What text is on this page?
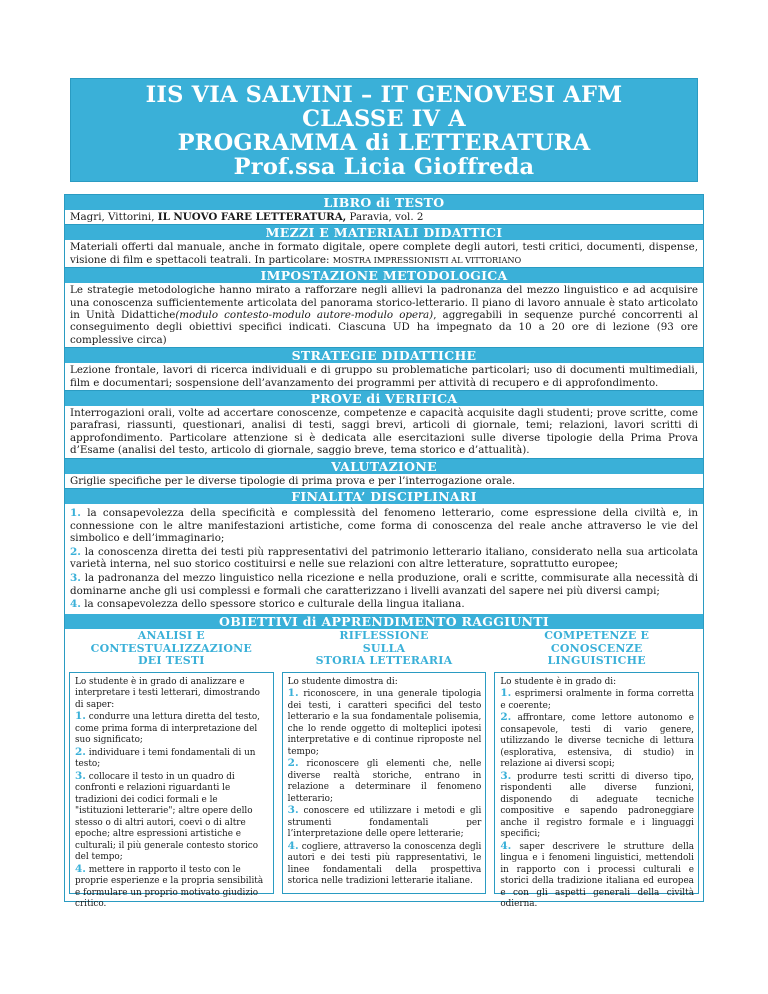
IIS VIA SALVINI – IT GENOVESI AFM
CLASSE IV A
PROGRAMMA di LETTERATURA
Prof.ssa Licia Gioffreda
LIBRO di TESTO
Magri, Vittorini, IL NUOVO FARE LETTERATURA, Paravia, vol. 2
MEZZI E MATERIALI DIDATTICI
Materiali offerti dal manuale, anche in formato digitale, opere complete degli autori, testi critici, documenti, dispense, visione di film e spettacoli teatrali. In particolare: MOSTRA IMPRESSIONISTI AL VITTORIANO
IMPOSTAZIONE METODOLOGICA
Le strategie metodologiche hanno mirato a rafforzare negli allievi la padronanza del mezzo linguistico e ad acquisire una conoscenza sufficientemente articolata del panorama storico-letterario. Il piano di lavoro annuale è stato articolato in Unità Didattiche(modulo contesto-modulo autore-modulo opera), aggregabili in sequenze purché concorrenti al conseguimento degli obiettivi specifici indicati. Ciascuna UD ha impegnato da 10 a 20 ore di lezione (93 ore complessive circa)
STRATEGIE DIDATTICHE
Lezione frontale, lavori di ricerca individuali e di gruppo su problematiche particolari; uso di documenti multimediali, film e documentari; sospensione dell’avanzamento dei programmi per attività di recupero e di approfondimento.
PROVE di VERIFICA
Interrogazioni orali, volte ad accertare conoscenze, competenze e capacità acquisite dagli studenti; prove scritte, come parafrasi, riassunti, questionari, analisi di testi, saggi brevi, articoli di giornale, temi; relazioni, lavori scritti di approfondimento. Particolare attenzione si è dedicata alle esercitazioni sulle diverse tipologie della Prima Prova d’Esame (analisi del testo, articolo di giornale, saggio breve, tema storico e d’attualità).
VALUTAZIONE
Griglie specifiche per le diverse tipologie di prima prova e per l’interrogazione orale.
FINALITA’ DISCIPLINARI

1. la consapevolezza della specificità e complessità del fenomeno letterario, come espressione della civiltà e, in connessione con le altre manifestazioni artistiche, come forma di conoscenza del reale anche attraverso le vie del simbolico e dell’immaginario;

2. la conoscenza diretta dei testi più rappresentativi del patrimonio letterario italiano, considerato nella sua articolata varietà interna, nel suo storico costituirsi e nelle sue relazioni con altre letterature, soprattutto europee;

3. la padronanza del mezzo linguistico nella ricezione e nella produzione, orali e scritte, commisurate alla necessità di dominarne anche gli usi complessi e formali che caratterizzano i livelli avanzati del sapere nei più diversi campi;

4. la consapevolezza dello spessore storico e culturale della lingua italiana.

OBIETTIVI di APPRENDIMENTO RAGGIUNTI
ANALISI E
CONTESTUALIZZAZIONE
DEI TESTI

Lo studente è in grado di analizzare e interpretare i testi letterari, dimostrando di saper:

1. condurre una lettura diretta del testo, come prima forma di interpretazione del suo significato;

2. individuare i temi fondamentali di un testo;

3. collocare il testo in un quadro di confronti e relazioni riguardanti le tradizioni dei codici formali e le "istituzioni letterarie"; altre opere dello stesso o di altri autori, coevi o di altre epoche; altre espressioni artistiche e culturali; il più generale contesto storico del tempo;

4. mettere in rapporto il testo con le proprie esperienze e la propria sensibilità e formulare un proprio motivato giudizio critico.

RIFLESSIONE
SULLA
STORIA LETTERARIA

Lo studente dimostra di:

1. riconoscere, in una generale tipologia dei testi, i caratteri specifici del testo letterario e la sua fondamentale polisemia, che lo rende oggetto di molteplici ipotesi interpretative e di continue riproposte nel tempo;

2. riconoscere gli elementi che, nelle diverse realtà storiche, entrano in relazione a determinare il fenomeno letterario;

3. conoscere ed utilizzare i metodi e gli strumenti fondamentali per l’interpretazione delle opere letterarie;

4. cogliere, attraverso la conoscenza degli autori e dei testi più rappresentativi, le linee fondamentali della prospettiva storica nelle tradizioni letterarie italiane.

COMPETENZE E
CONOSCENZE
LINGUISTICHE

Lo studente è in grado di:

1. esprimersi oralmente in forma corretta e coerente;

2. affrontare, come lettore autonomo e consapevole, testi di vario genere, utilizzando le diverse tecniche di lettura (esplorativa, estensiva, di studio) in relazione ai diversi scopi;

3. produrre testi scritti di diverso tipo, rispondenti alle diverse funzioni, disponendo di adeguate tecniche compositive e sapendo padroneggiare anche il registro formale e i linguaggi specifici;

4. saper descrivere le strutture della lingua e i fenomeni linguistici, mettendoli in rapporto con i processi culturali e storici della tradizione italiana ed europea e con gli aspetti generali della civiltà odierna.
